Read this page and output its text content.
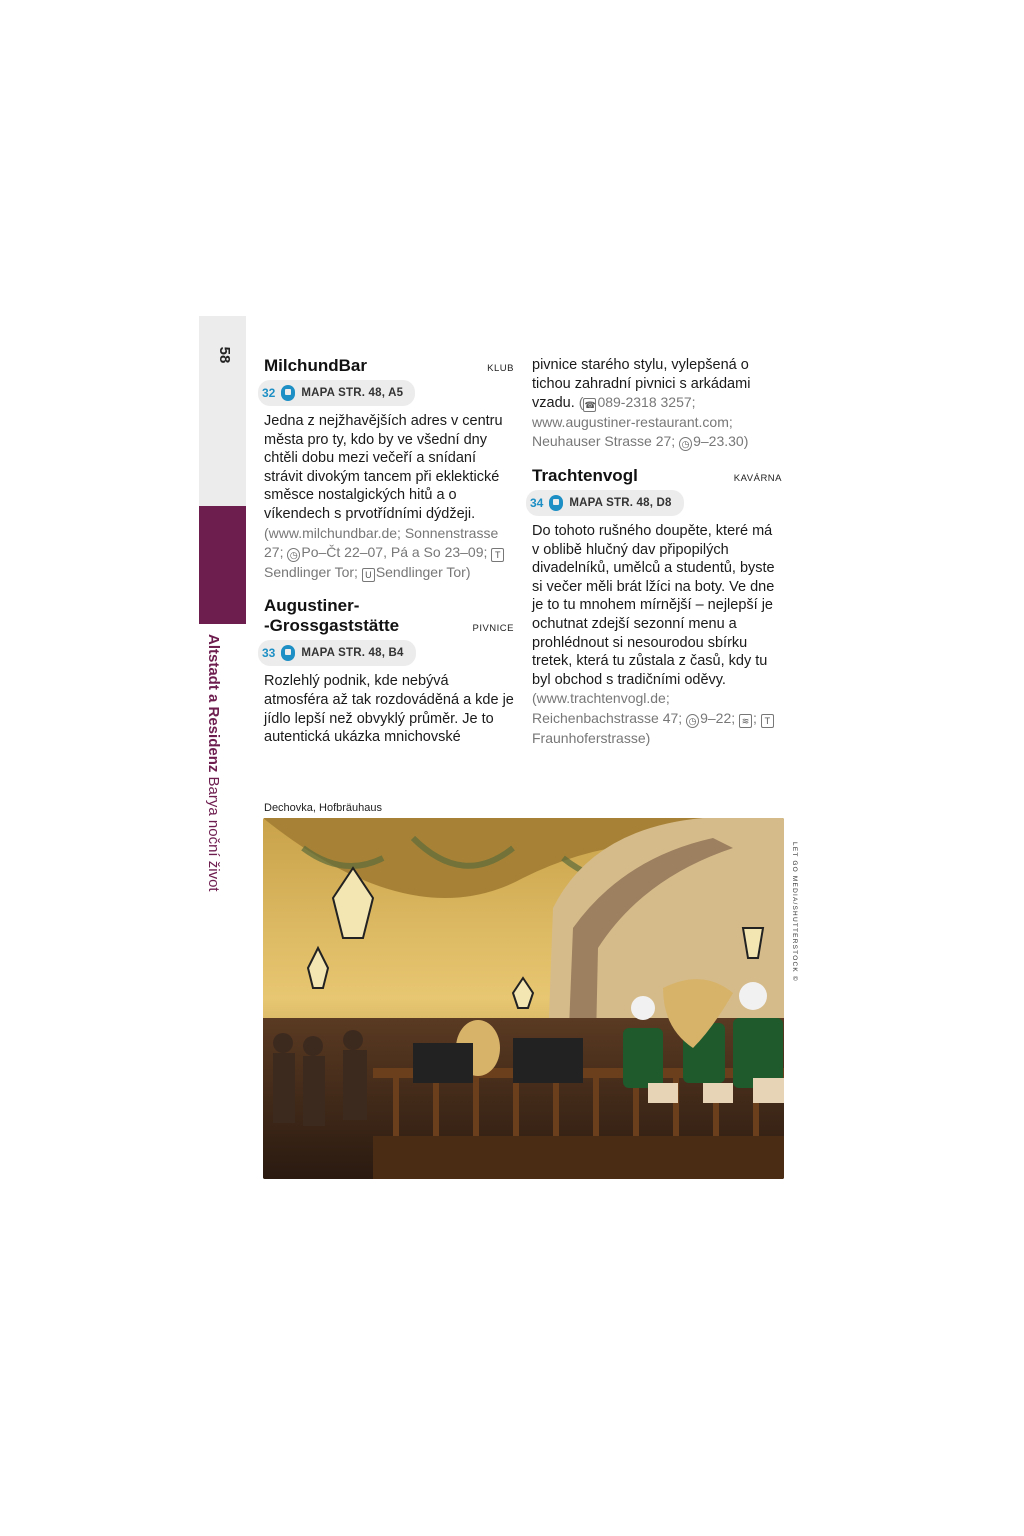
58
Altstadt a Residenz Barya noční život
MilchundBar	KLUB
32 MAPA STR. 48, A5
Jedna z nejžhavějších adres v centru města pro ty, kdo by ve všední dny chtěli dobu mezi večeří a snídaní strávit divokým tancem při eklektické směsce nostalgických hitů a o víkendech s prvotřídními dýdžeji. (www.milchundbar.de; Sonnenstrasse 27; ◷ Po–Čt 22–07, Pá a So 23–09; TSendlinger Tor; U Sendlinger Tor)
Augustiner-
-Grossgaststätte	PIVNICE
33 MAPA STR. 48, B4
Rozlehlý podnik, kde nebývá atmosféra až tak rozdováděná a kde je jídlo lepší než obvyklý průměr. Je to autentická ukázka mnichovské
pivnice starého stylu, vylepšená o tichou zahradní pivnici s arkádami vzadu. (☎ 089-2318 3257; www.augustiner-restaurant.com; Neuhauser Strasse 27; ◷ 9–23.30)
Trachtenvogl	KAVÁRNA
34 MAPA STR. 48, D8
Do tohoto rušného doupěte, které má v oblibě hlučný dav připopilých divadelníků, umělců a studentů, byste si večer měli brát lžíci na boty. Ve dne je to tu mnohem mírnější – nejlepší je ochutnat zdejší sezonní menu a prohlédnout si nesourodou sbírku tretek, která tu zůstala z časů, kdy tu byl obchod s tradičními oděvy. (www.trachtenvogl.de; Reichenbachstrasse 47; ◷ 9–22; ≋ ; TFraunhoferstrasse)
Dechovka, Hofbräuhaus
LET GO MEDIA/SHUTTERSTOCK ©
